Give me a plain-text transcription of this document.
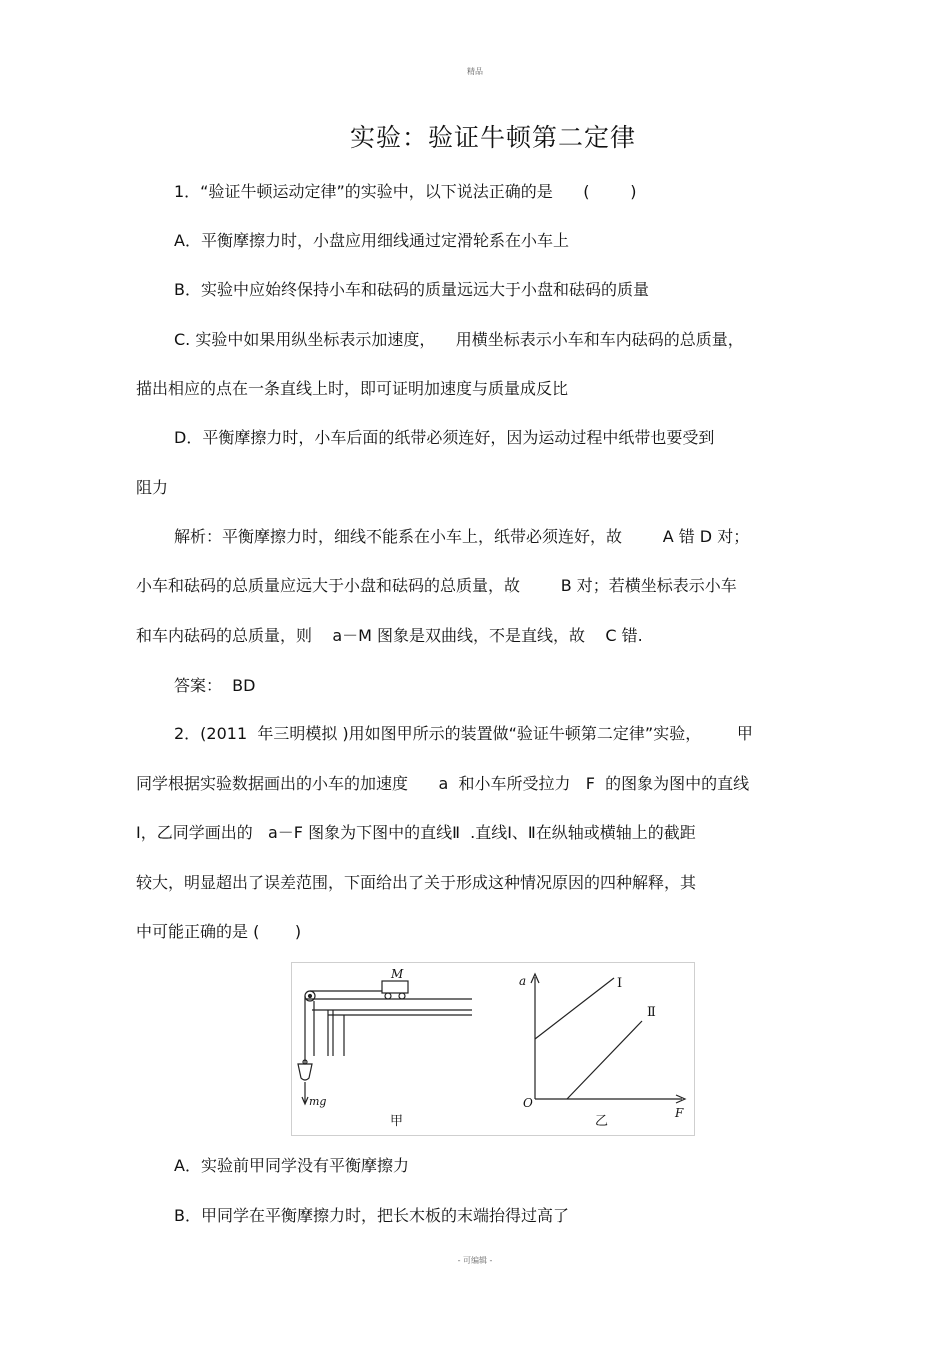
精品
实验：验证牛顿第二定律
1．“验证牛顿运动定律”的实验中，以下说法正确的是      (        )
A．平衡摩擦力时，小盘应用细线通过定滑轮系在小车上
B．实验中应始终保持小车和砝码的质量远远大于小盘和砝码的质量
C. 实验中如果用纵坐标表示加速度，    用横坐标表示小车和车内砝码的总质量，
描出相应的点在一条直线上时，即可证明加速度与质量成反比
D．平衡摩擦力时，小车后面的纸带必须连好，因为运动过程中纸带也要受到
阻力
解析：平衡摩擦力时，细线不能系在小车上，纸带必须连好，故        A 错 D 对；
小车和砝码的总质量应远大于小盘和砝码的总质量，故        B 对；若横坐标表示小车
和车内砝码的总质量，则    a－M 图象是双曲线，不是直线，故    C 错.
答案：  BD
2．(2011  年三明模拟 )用如图甲所示的装置做“验证牛顿第二定律”实验，       甲
同学根据实验数据画出的小车的加速度      a  和小车所受拉力   F  的图象为图中的直线
Ⅰ，乙同学画出的   a－F 图象为下图中的直线Ⅱ  .直线Ⅰ、Ⅱ在纵轴或横轴上的截距
较大，明显超出了误差范围，下面给出了关于形成这种情况原因的四种解释，其
中可能正确的是 (       )
M
mg
甲
a
F
O
Ⅰ
Ⅱ
乙
A．实验前甲同学没有平衡摩擦力
B．甲同学在平衡摩擦力时，把长木板的末端抬得过高了
- 可编辑 -
